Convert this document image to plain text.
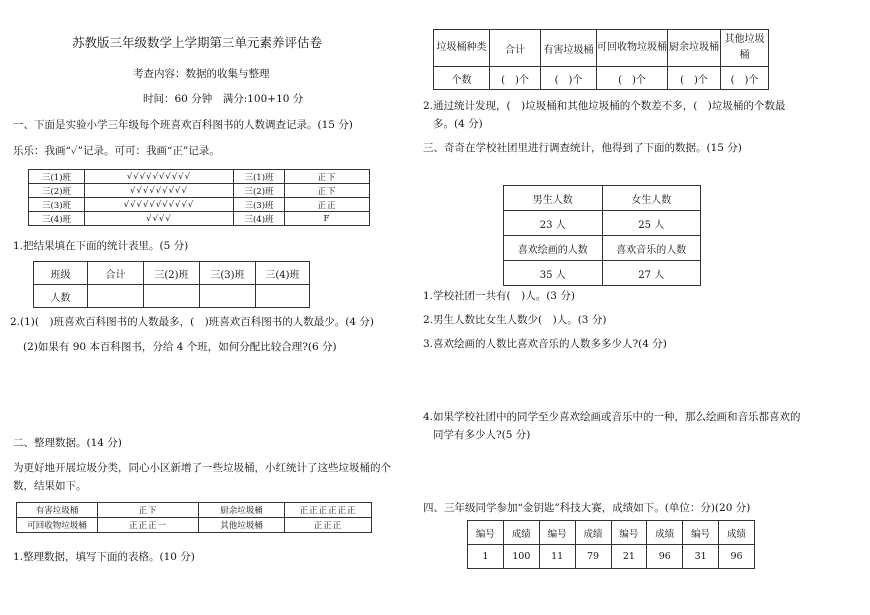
苏教版三年级数学上学期第三单元素养评估卷
考查内容：数据的收集与整理
时间：60 分钟　满分:100+10 分
一、下面是实验小学三年级每个班喜欢百科图书的人数调查记录。(15 分)
乐乐：我画“✓”记录。可可：我画“正”记录。
三(1)班	√√√√√√√√√√	三(1)班	正下
三(2)班	√√√√√√√√√	三(2)班	正下
三(3)班	√√√√√√√√√√√	三(3)班	正正
三(4)班	√√√√	三(4)班	F
1.把结果填在下面的统计表里。(5 分)
班级	合计	三(2)班	三(3)班	三(4)班
人数				
2.(1)(　)班喜欢百科图书的人数最多，(　)班喜欢百科图书的人数最少。(4 分)
(2)如果有 90 本百科图书，分给 4 个班，如何分配比较合理?(6 分)
二、整理数据。(14 分)
为更好地开展垃圾分类，同心小区新增了一些垃圾桶，小红统计了这些垃圾桶的个
数，结果如下。
有害垃圾桶	正下	厨余垃圾桶	正正正正正正
可回收物垃圾桶	正正正一	其他垃圾桶	正正正
1.整理数据，填写下面的表格。(10 分)
垃圾桶种类	合计	有害垃圾桶	可回收物垃圾桶	厨余垃圾桶	其他垃圾桶
个数	(　)个	(　)个	(　)个	(　)个	(　)个
2.通过统计发现，(　)垃圾桶和其他垃圾桶的个数差不多，(　)垃圾桶的个数最
多。(4 分)
三、奇奇在学校社团里进行调查统计，他得到了下面的数据。(15 分)
男生人数	女生人数
23 人	25 人
喜欢绘画的人数	喜欢音乐的人数
35 人	27 人
1.学校社团一共有(　)人。(3 分)
2.男生人数比女生人数少(　)人。(3 分)
3.喜欢绘画的人数比喜欢音乐的人数多多少人?(4 分)
4.如果学校社团中的同学至少喜欢绘画或音乐中的一种，那么绘画和音乐都喜欢的
同学有多少人?(5 分)
四、三年级同学参加“金钥匙”科技大赛，成绩如下。(单位：分)(20 分)
编号	成绩	编号	成绩	编号	成绩	编号	成绩
1	100	11	79	21	96	31	96
